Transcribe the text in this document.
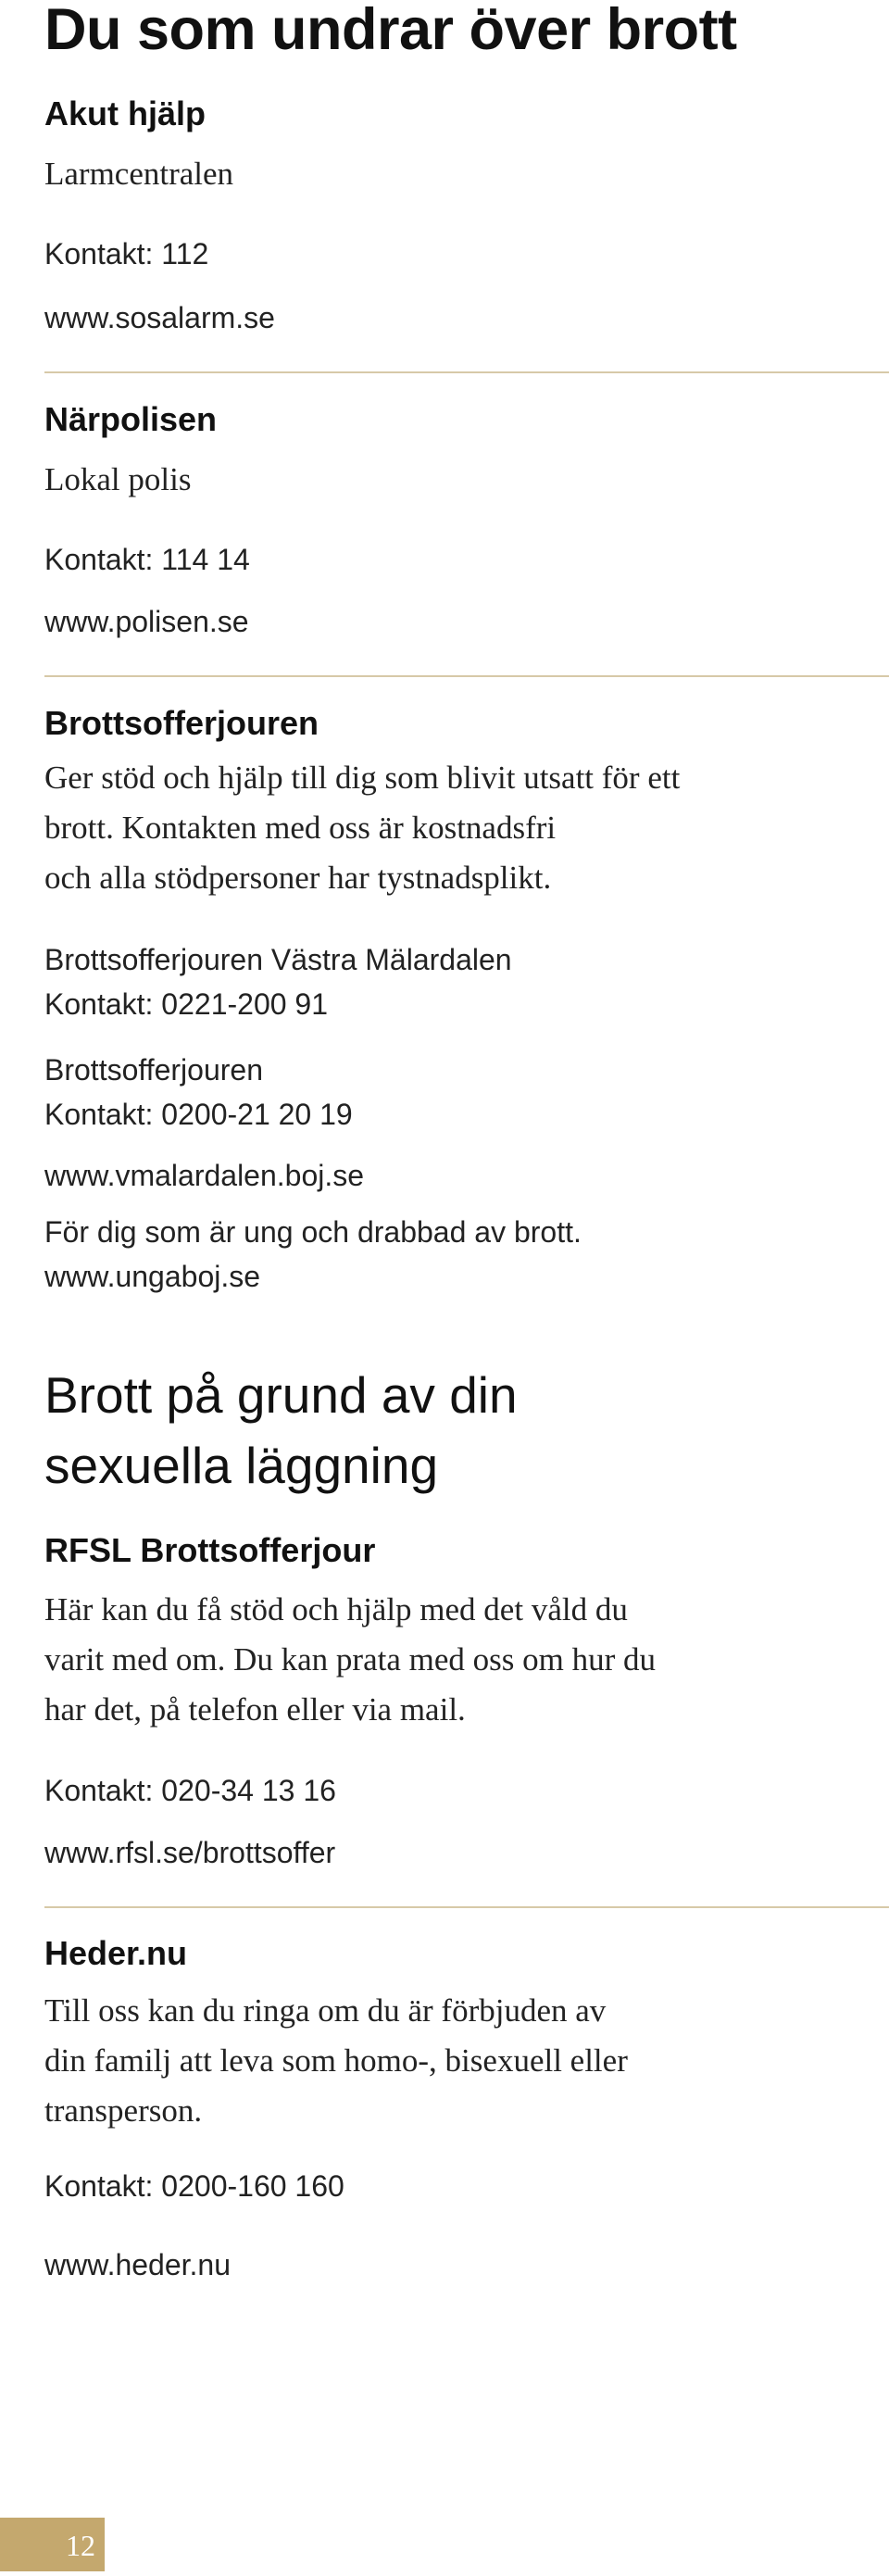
Du som undrar över brott
Akut hjälp
Larmcentralen
Kontakt: 112
www.sosalarm.se
Närpolisen
Lokal polis
Kontakt: 114 14
www.polisen.se
Brottsofferjouren
Ger stöd och hjälp till dig som blivit utsatt för ett
brott. Kontakten med oss är kostnadsfri
och alla stödpersoner har tystnadsplikt.
Brottsofferjouren Västra Mälardalen
Kontakt: 0221-200 91
Brottsofferjouren
Kontakt: 0200-21 20 19
www.vmalardalen.boj.se
För dig som är ung och drabbad av brott.
www.ungaboj.se
Brott på grund av din
sexuella läggning
RFSL Brottsofferjour
Här kan du få stöd och hjälp med det våld du
varit med om. Du kan prata med oss om hur du
har det, på telefon eller via mail.
Kontakt: 020-34 13 16
www.rfsl.se/brottsoffer
Heder.nu
Till oss kan du ringa om du är förbjuden av
din familj att leva som homo-, bisexuell eller
transperson.
Kontakt: 0200-160 160
www.heder.nu
12
